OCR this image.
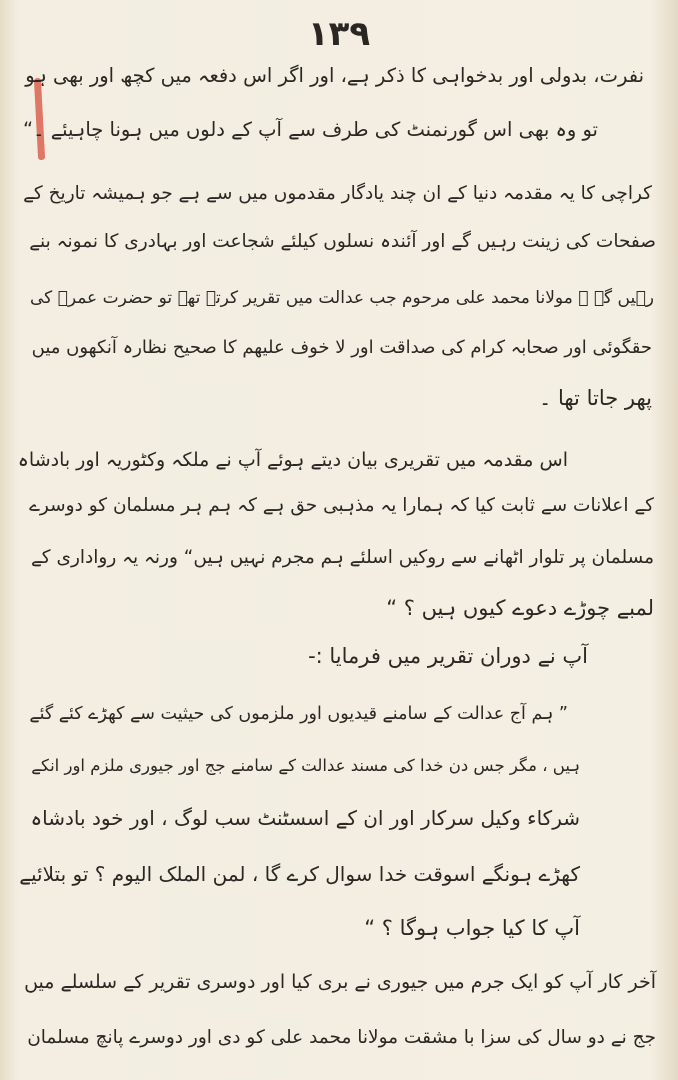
۱۳۹
نفرت، بدولی اور بدخواہی کا ذکر ہے، اور اگر اس دفعہ میں کچھ اور بھی ہو
تو وہ بھی اس گورنمنٹ کی طرف سے آپ کے دلوں میں ہونا چاہیئے ۔“
کراچی کا یہ مقدمہ دنیا کے ان چند یادگار مقدموں میں سے ہے جو ہمیشہ تاریخ کے
صفحات کی زینت رہیں گے اور آئندہ نسلوں کیلئے شجاعت اور بہادری کا نمونہ بنے
رہیں گے ۔ مولانا محمد علی مرحوم جب عدالت میں تقریر کرتے تھے تو حضرت عمرؓ کی
حقگوئی اور صحابہ کرام کی صداقت اور لا خوف علیھم کا صحیح نظارہ آنکھوں میں
پھر جاتا تھا ۔
اس مقدمہ میں تقریری بیان دیتے ہوئے آپ نے ملکہ وکٹوریہ اور بادشاہ
کے اعلانات سے ثابت کیا کہ ہمارا یہ مذہبی حق ہے کہ ہم ہر مسلمان کو دوسرے
مسلمان پر تلوار اٹھانے سے روکیں اسلئے ہم مجرم نہیں ہیں“ ورنہ یہ رواداری کے
لمبے چوڑے دعوے کیوں ہیں ؟ “
آپ نے دوران تقریر میں فرمایا :-
” ہم آج عدالت کے سامنے قیدیوں اور ملزموں کی حیثیت سے کھڑے کئے گئے
ہیں ، مگر جس دن خدا کی مسند عدالت کے سامنے جج اور جیوری ملزم اور انکے
شرکاء وکیل سرکار اور ان کے اسسٹنٹ سب لوگ ، اور خود بادشاہ
کھڑے ہونگے اسوقت خدا سوال کرے گا ، لمن الملک الیوم ؟ تو بتلائیے
آپ کا کیا جواب ہوگا ؟ “
آخر کار آپ کو ایک جرم میں جیوری نے بری کیا اور دوسری تقریر کے سلسلے میں
جج نے دو سال کی سزا با مشقت مولانا محمد علی کو دی اور دوسرے پانچ مسلمان
